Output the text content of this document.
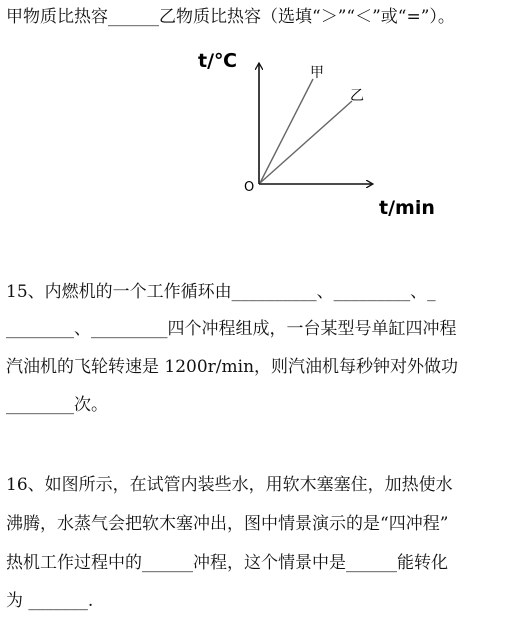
甲物质比热容______乙物质比热容（选填“＞”“＜”或“=”）。
t/℃
t/min
O
甲
乙
15、内燃机的一个工作循环由__________、_________、_
________、_________四个冲程组成，一台某型号单缸四冲程
汽油机的飞轮转速是 1200r/min，则汽油机每秒钟对外做功
________次。
16、如图所示，在试管内装些水，用软木塞塞住，加热使水
沸腾，水蒸气会把软木塞冲出，图中情景演示的是“四冲程”
热机工作过程中的______冲程，这个情景中是______能转化
为 _______.
